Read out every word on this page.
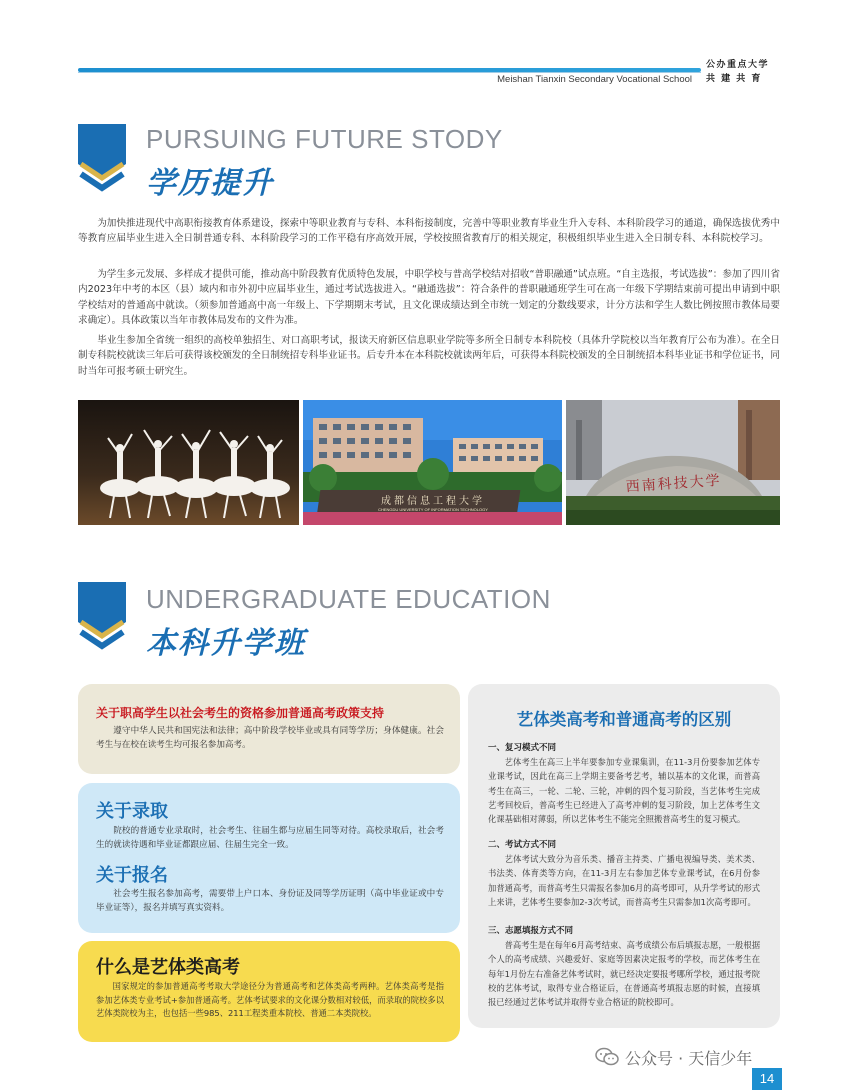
Meishan Tianxin Secondary Vocational School
公办重点大学
共 建 共 育
PURSUING FUTURE STODY
学历提升

为加快推进现代中高职衔接教育体系建设，探索中等职业教育与专科、本科衔接制度，完善中等职业教育毕业生升入专科、本科阶段学习的通道，确保选拔优秀中等教育应届毕业生进入全日制普通专科、本科阶段学习的工作平稳有序高效开展，学校按照省教育厅的相关规定，积极组织毕业生进入全日制专科、本科院校学习。

为学生多元发展、多样成才提供可能，推动高中阶段教育优质特色发展，中职学校与普高学校结对招收“普职融通”试点班。“自主选报，考试选拔”：参加了四川省内2023年中考的本区（县）域内和市外初中应届毕业生，通过考试选拔进入。“融通选拔”：符合条件的普职融通班学生可在高一年级下学期结束前可提出申请到中职学校结对的普通高中就读。（须参加普通高中高一年级上、下学期期末考试，且文化课成绩达到全市统一划定的分数线要求，计分方法和学生人数比例按照市教体局要求确定）。具体政策以当年市教体局发布的文件为准。

毕业生参加全省统一组织的高校单独招生、对口高职考试，报读天府新区信息职业学院等多所全日制专本科院校（具体升学院校以当年教育厅公布为准）。在全日制专科院校就读三年后可获得该校颁发的全日制统招专科毕业证书。后专升本在本科院校就读两年后，可获得本科院校颁发的全日制统招本科毕业证书和学位证书，同时当年可报考硕士研究生。

成都信息工程大学
CHENGDU UNIVERSITY OF INFORMATION TECHNOLOGY
西南科技大学
UNDERGRADUATE EDUCATION
本科升学班
关于职高学生以社会考生的资格参加普通高考政策支持

遵守中华人民共和国宪法和法律；高中阶段学校毕业或具有同等学历；身体健康。社会考生与在校在读考生均可报名参加高考。

关于录取

院校的普通专业录取时，社会考生、往届生都与应届生同等对待。高校录取后，社会考生的就读待遇和毕业证都跟应届、往届生完全一致。

关于报名

社会考生报名参加高考，需要带上户口本、身份证及同等学历证明（高中毕业证或中专毕业证等），报名并填写真实资料。

什么是艺体类高考

国家规定的参加普通高考考取大学途径分为普通高考和艺体类高考两种。艺体类高考是指参加艺体类专业考试+参加普通高考。艺体考试要求的文化课分数相对较低，而录取的院校多以艺体类院校为主，也包括一些985、211工程类重本院校、普通二本类院校。

艺体类高考和普通高考的区别
一、复习模式不同

艺体考生在高三上半年要参加专业课集训，在11-3月份要参加艺体专业课考试，因此在高三上学期主要备考艺考，辅以基本的文化课，而普高考生在高三，一轮、二轮、三轮，冲刺的四个复习阶段，当艺体考生完成艺考回校后，普高考生已经进入了高考冲刺的复习阶段，加上艺体考生文化课基础相对薄弱，所以艺体考生不能完全照搬普高考生的复习模式。

二、考试方式不同

艺体考试大致分为音乐类、播音主持类、广播电视编导类、美术类、书法类、体育类等方向，在11-3月左右参加艺体专业课考试，在6月份参加普通高考，而普高考生只需报名参加6月的高考即可，从升学考试的形式上来讲，艺体考生要参加2-3次考试，而普高考生只需参加1次高考即可。

三、志愿填报方式不同

普高考生是在每年6月高考结束、高考成绩公布后填报志愿，一般根据个人的高考成绩、兴趣爱好、家庭等因素决定报考的学校，而艺体考生在每年1月份左右准备艺体考试时，就已经决定要报考哪所学校，通过报考院校的艺体考试，取得专业合格证后，在普通高考填报志愿的时候，直接填报已经通过艺体考试并取得专业合格证的院校即可。

公众号 · 天信少年
14
